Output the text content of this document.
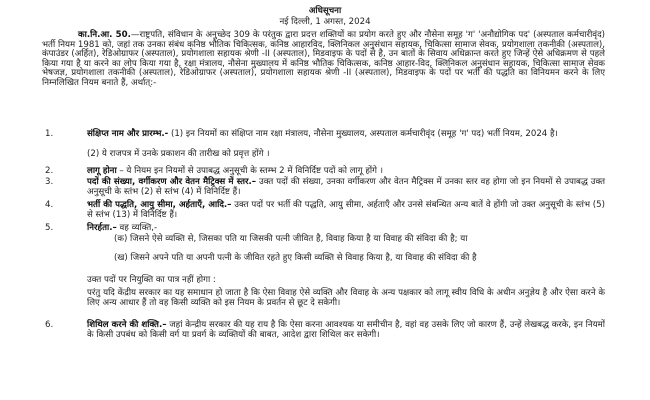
अधिसूचना
नई दिल्ली, 1 अगस्त, 2024
का.नि.आ. 50.—राष्ट्रपति, संविधान के अनुच्छेद 309 के परंतुक द्वारा प्रदत्त शक्तियों का प्रयोग करते हुए और नौसेना समूह 'ग' 'अनौद्योगिक पद' (अस्पताल कर्मचारीवृंद) भर्ती नियम 1981 को, जहां तक उनका संबंध कनिष्ठ भौतिक चिकित्सक, कनिष्ठ आहारविद, क्लिनिकल अनुसंधान सहायक, चिकित्सा सामाज सेवक, प्रयोगशाला तकनीकी (अस्पताल), कंपाउंडर (अर्हित), रेडिओग्राफर (अस्पताल), प्रयोगशाला सहायक श्रेणी -II (अस्पताल), मिडवाइफ के पदों से है, उन बातों के सिवाय अधिक्रान्त करते हुए जिन्हें ऐसे अधिक्रमण से पहले किया गया है या करने का लोप किया गया है, रक्षा मंत्रालय, नौसेना मुख्यालय में कनिष्ठ भौतिक चिकित्सक, कनिष्ठ आहार-विद, क्लिनिकल अनुसंधान सहायक, चिकित्सा सामाज सेवक भेषजज्ञ, प्रयोगशाला तकनीकी (अस्पताल), रेडिओग्राफर (अस्पताल), प्रयोगशाला सहायक श्रेणी -II (अस्पताल), मिडवाइफ के पदों पर भर्ती की पद्धति का विनियमन करने के लिए निम्नलिखित नियम बनाते हैं, अर्थात्:-
1.	संक्षिप्त नाम और प्रारम्भ.- (1) इन नियमों का संक्षिप्त नाम रक्षा मंत्रालय, नौसेना मुख्यालय, अस्पताल कर्मचारीवृंद (समूह 'ग' पद) भर्ती नियम, 2024 है।
(2) ये राजपत्र में उनके प्रकाशन की तारीख को प्रवृत्त होंगे ।
2.	लागू होना – ये नियम इन नियमों से उपाबद्ध अनुसूची के स्तम्भ 2 में विनिर्दिष्ट पदों को लागू होंगे ।
3.	पदों की संख्या, वर्गीकरण और वेतन मैट्रिक्स में स्तर.– उक्त पदों की संख्या, उनका वर्गीकरण और वेतन मैट्रिक्स में उनका स्तर वह होगा जो इन नियमों से उपाबद्ध उक्त अनुसूची के स्तंभ (2) से स्तंभ (4) में विनिर्दिष्ट हैं।
4.	भर्ती की पद्धति, आयु सीमा, अर्हताएँ, आदि.– उक्त पदों पर भर्ती की पद्धति, आयु सीमा, अर्हताएँ और उनसे संबन्धित अन्य बातें वे होंगी जो उक्त अनुसूची के स्तंभ (5) से स्तंभ (13) में विनिर्दिष्ट हैं।
5.	निरर्हता.– वह व्यक्ति,-
(क) जिसने ऐसे व्यक्ति से, जिसका पति या जिसकी पत्नी जीवित है, विवाह किया है या विवाह की संविदा की है; या
(ख) जिसने अपने पति या अपनी पत्नी के जीवित रहते हुए किसी व्यक्ति से विवाह किया है, या विवाह की संविदा की है
उक्त पदों पर नियुक्ति का पात्र नहीं होगा :
परंतु यदि केंद्रीय सरकार का यह समाधान हो जाता है कि ऐसा विवाह ऐसे व्यक्ति और विवाह के अन्य पक्षकार को लागू स्वीय विधि के अधीन अनुज्ञेय है और ऐसा करने के लिए अन्य आधार हैं तो वह किसी व्यक्ति को इस नियम के प्रवर्तन से छूट दे सकेगी।
6.	शिथिल करने की शक्ति.– जहां केन्द्रीय सरकार की यह राय है कि ऐसा करना आवश्यक या समीचीन है, वहां वह उसके लिए जो कारण हैं, उन्हें लेखबद्ध करके, इन नियमों के किसी उपबंध को किसी वर्ग या प्रवर्ग के व्यक्तियों की बाबत, आदेश द्वारा शिथिल कर सकेगी।
